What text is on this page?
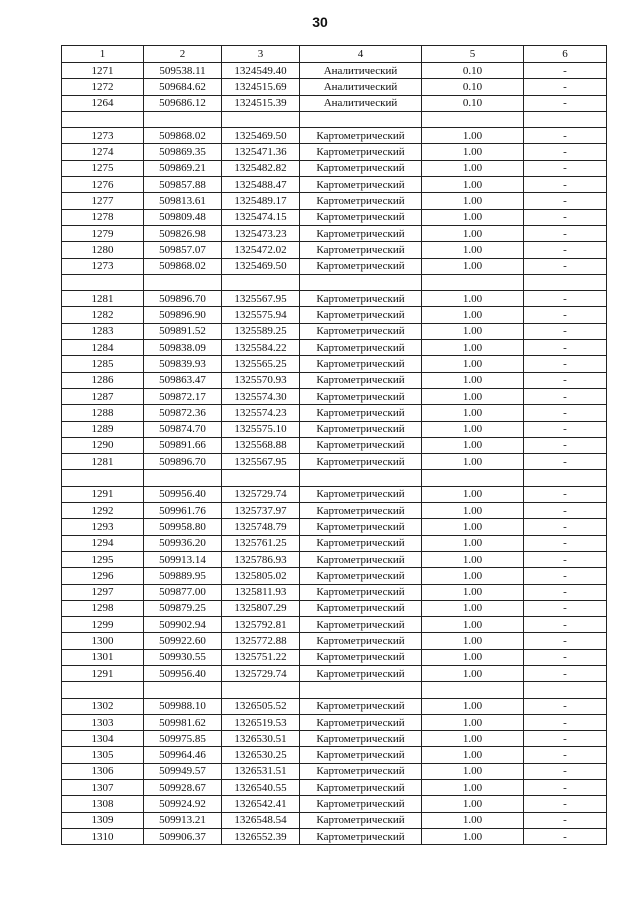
30
1	2	3	4	5	6
1271	509538.11	1324549.40	Аналитический	0.10	-
1272	509684.62	1324515.69	Аналитический	0.10	-
1264	509686.12	1324515.39	Аналитический	0.10	-

1273	509868.02	1325469.50	Картометрический	1.00	-
1274	509869.35	1325471.36	Картометрический	1.00	-
1275	509869.21	1325482.82	Картометрический	1.00	-
1276	509857.88	1325488.47	Картометрический	1.00	-
1277	509813.61	1325489.17	Картометрический	1.00	-
1278	509809.48	1325474.15	Картометрический	1.00	-
1279	509826.98	1325473.23	Картометрический	1.00	-
1280	509857.07	1325472.02	Картометрический	1.00	-
1273	509868.02	1325469.50	Картометрический	1.00	-

1281	509896.70	1325567.95	Картометрический	1.00	-
1282	509896.90	1325575.94	Картометрический	1.00	-
1283	509891.52	1325589.25	Картометрический	1.00	-
1284	509838.09	1325584.22	Картометрический	1.00	-
1285	509839.93	1325565.25	Картометрический	1.00	-
1286	509863.47	1325570.93	Картометрический	1.00	-
1287	509872.17	1325574.30	Картометрический	1.00	-
1288	509872.36	1325574.23	Картометрический	1.00	-
1289	509874.70	1325575.10	Картометрический	1.00	-
1290	509891.66	1325568.88	Картометрический	1.00	-
1281	509896.70	1325567.95	Картометрический	1.00	-

1291	509956.40	1325729.74	Картометрический	1.00	-
1292	509961.76	1325737.97	Картометрический	1.00	-
1293	509958.80	1325748.79	Картометрический	1.00	-
1294	509936.20	1325761.25	Картометрический	1.00	-
1295	509913.14	1325786.93	Картометрический	1.00	-
1296	509889.95	1325805.02	Картометрический	1.00	-
1297	509877.00	1325811.93	Картометрический	1.00	-
1298	509879.25	1325807.29	Картометрический	1.00	-
1299	509902.94	1325792.81	Картометрический	1.00	-
1300	509922.60	1325772.88	Картометрический	1.00	-
1301	509930.55	1325751.22	Картометрический	1.00	-
1291	509956.40	1325729.74	Картометрический	1.00	-

1302	509988.10	1326505.52	Картометрический	1.00	-
1303	509981.62	1326519.53	Картометрический	1.00	-
1304	509975.85	1326530.51	Картометрический	1.00	-
1305	509964.46	1326530.25	Картометрический	1.00	-
1306	509949.57	1326531.51	Картометрический	1.00	-
1307	509928.67	1326540.55	Картометрический	1.00	-
1308	509924.92	1326542.41	Картометрический	1.00	-
1309	509913.21	1326548.54	Картометрический	1.00	-
1310	509906.37	1326552.39	Картометрический	1.00	-
